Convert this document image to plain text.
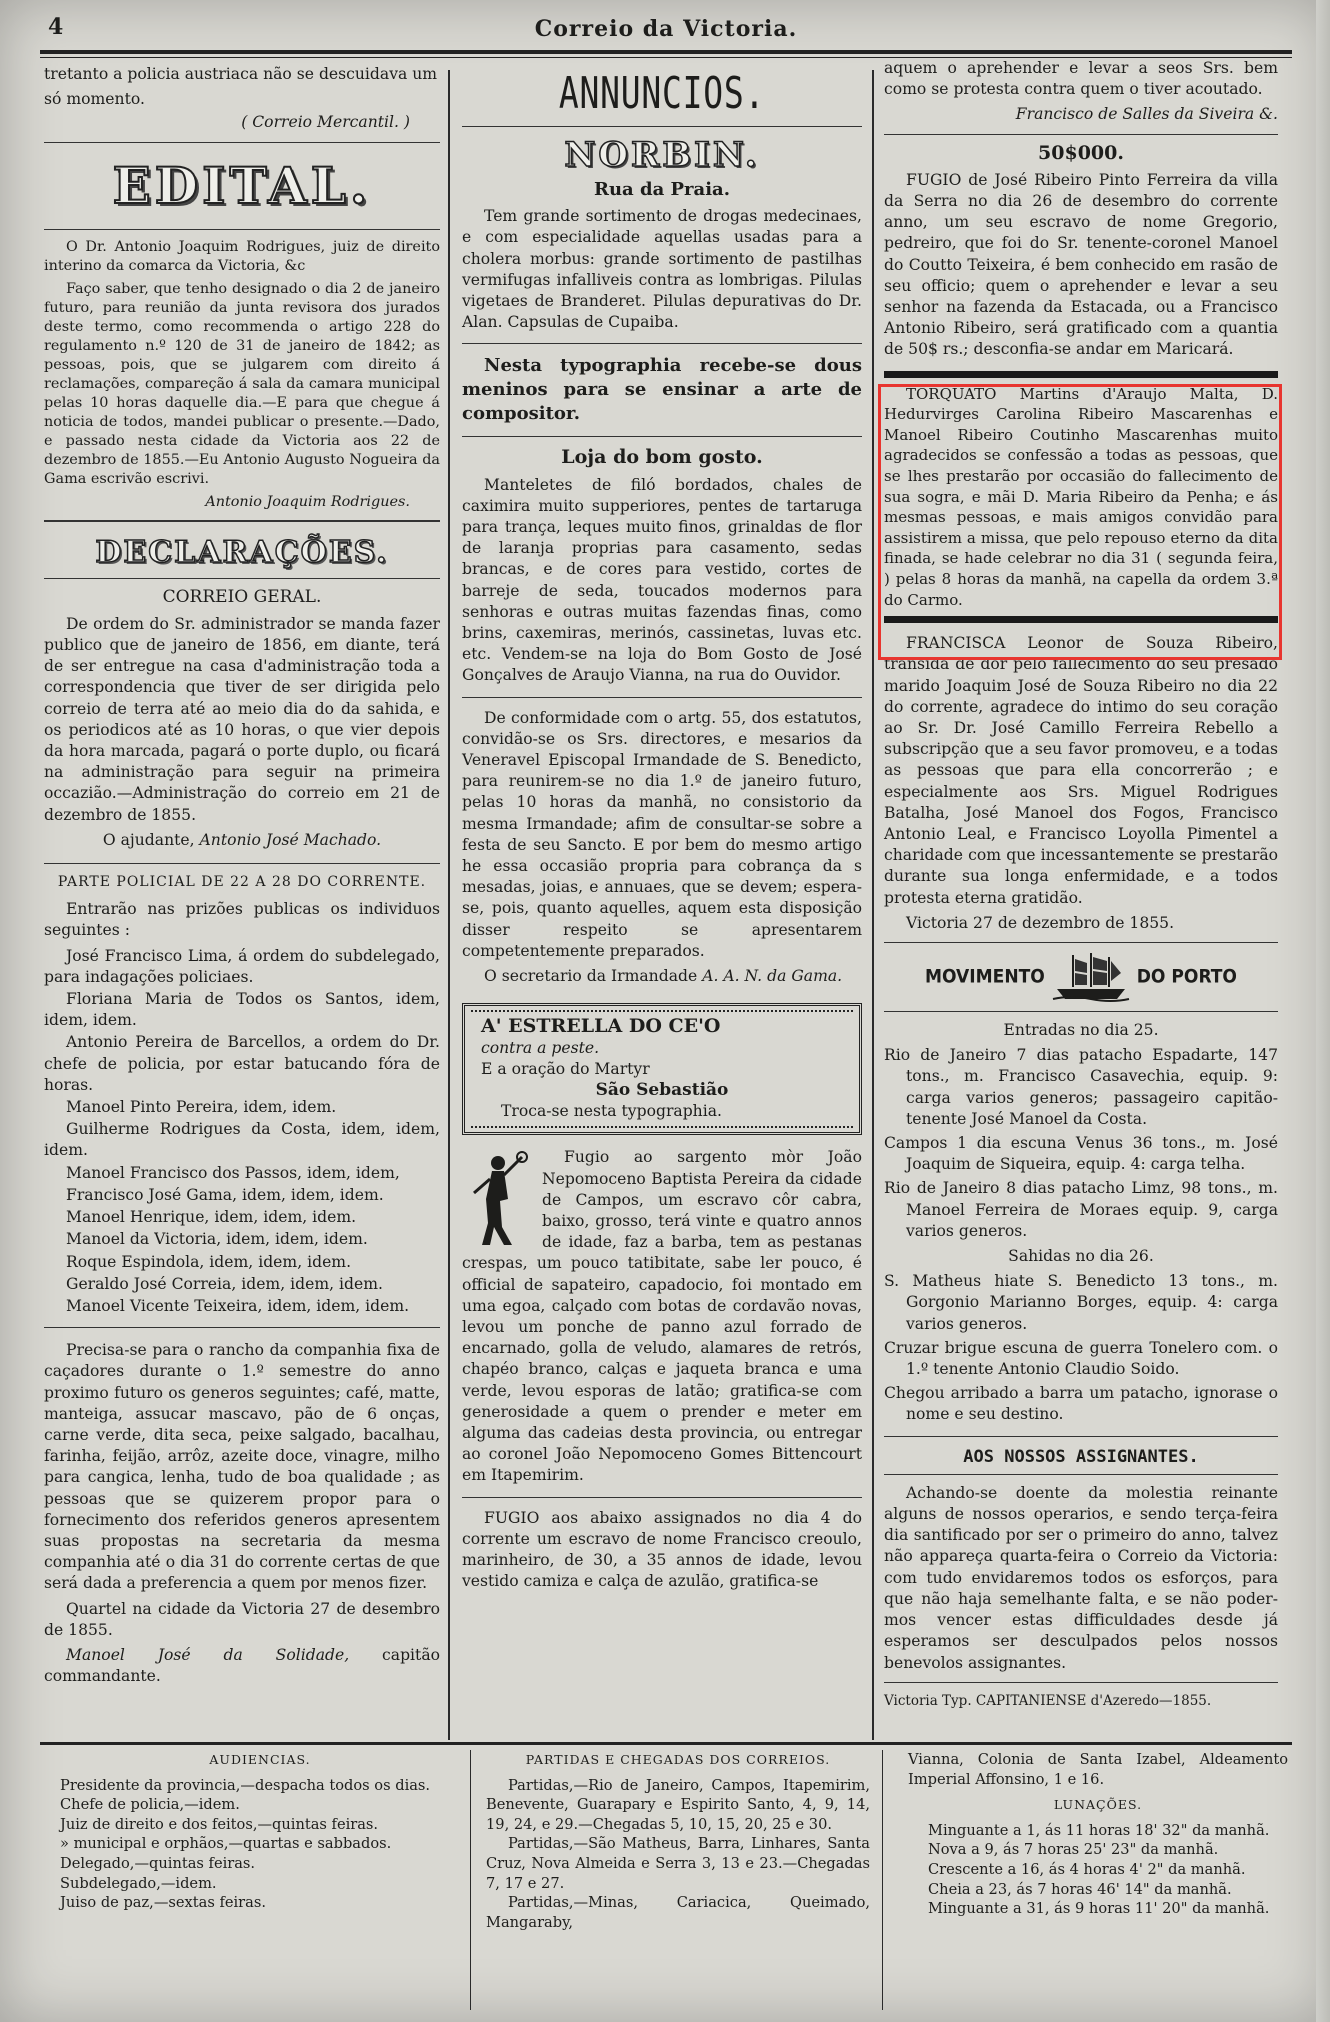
4	Correio da Victoria.

tretanto a policia austriaca não se descuidava um

só momento.

( Correio Mercantil. )
EDITAL.

O Dr. Antonio Joaquim Rodrigues, juiz de direito interino da comarca da Victoria, &c

Faço saber, que tenho designado o dia 2 de janeiro futuro, para reunião da junta revisora dos jurados deste termo, como recommenda o artigo 228 do regulamento n.º 120 de 31 de janeiro de 1842; as pessoas, pois, que se julgarem com direito á reclamações, compareção á sala da camara municipal pelas 10 horas daquelle dia.—E para que chegue á noticia de todos, mandei publicar o presente.—Dado, e passado nesta cidade da Victoria aos 22 de dezembro de 1855.—Eu Antonio Augusto Nogueira da Gama escrivão escrivi.

Antonio Joaquim Rodrigues.
DECLARAÇÕES.
CORREIO GERAL.

De ordem do Sr. administrador se manda fazer publico que de janeiro de 1856, em diante, terá de ser entregue na casa d'administração toda a correspondencia que tiver de ser dirigida pelo correio de terra até ao meio dia do da sahida, e os periodicos até as 10 horas, o que vier depois da hora marcada, pagará o porte duplo, ou ficará na administração para seguir na primeira occazião.—Administração do correio em 21 de dezembro de 1855.

O ajudante, Antonio José Machado.
PARTE POLICIAL DE 22 A 28 DO CORRENTE.

Entrarão nas prizões publicas os individuos seguintes :

José Francisco Lima, á ordem do subdelegado, para indagações policiaes.
Floriana Maria de Todos os Santos, idem, idem, idem.
Antonio Pereira de Barcellos, a ordem do Dr. chefe de policia, por estar batucando fóra de horas.
Manoel Pinto Pereira, idem, idem.
Guilherme Rodrigues da Costa, idem, idem, idem.
Manoel Francisco dos Passos, idem, idem,
Francisco José Gama, idem, idem, idem.
Manoel Henrique, idem, idem, idem.
Manoel da Victoria, idem, idem, idem.
Roque Espindola, idem, idem, idem.
Geraldo José Correia, idem, idem, idem.
Manoel Vicente Teixeira, idem, idem, idem.

Precisa-se para o rancho da companhia fixa de caçadores durante o 1.º semestre do anno proximo futuro os generos seguintes; café, matte, manteiga, assucar mascavo, pão de 6 onças, carne verde, dita seca, peixe salgado, bacalhau, farinha, feijão, arrôz, azeite doce, vinagre, milho para cangica, lenha, tudo de boa qualidade ; as pessoas que se quizerem propor para o fornecimento dos referidos generos apresentem suas propostas na secretaria da mesma companhia até o dia 31 do corrente certas de que será dada a preferencia a quem por menos fizer.

Quartel na cidade da Victoria 27 de desembro de 1855.

Manoel José da Solidade, capitão commandante.

ANNUNCIOS.
NORBIN.
Rua da Praia.

Tem grande sortimento de drogas medecinaes, e com especialidade aquellas usadas para a cholera morbus: grande sortimento de pastilhas vermifugas infalliveis contra as lombrigas. Pilulas vigetaes de Branderet. Pilulas depurativas do Dr. Alan. Capsulas de Cupaiba.

Nesta typographia recebe-se dous meninos para se ensinar a arte de compositor.
Loja do bom gosto.

Manteletes de filó bordados, chales de caximira muito supperiores, pentes de tartaruga para trança, leques muito finos, grinaldas de flor de laranja proprias para casamento, sedas brancas, e de cores para vestido, cortes de barreje de seda, toucados modernos para senhoras e outras muitas fazendas finas, como brins, caxemiras, merinós, cassinetas, luvas etc. etc. Vendem-se na loja do Bom Gosto de José Gonçalves de Araujo Vianna, na rua do Ouvidor.

De conformidade com o artg. 55, dos estatutos, convidão-se os Srs. directores, e mesarios da Veneravel Episcopal Irmandade de S. Benedicto, para reunirem-se no dia 1.º de janeiro futuro, pelas 10 horas da manhã, no consistorio da mesma Irmandade; afim de consultar-se sobre a festa de seu Sancto. E por bem do mesmo artigo he essa occasião propria para cobrança da s mesadas, joias, e annuaes, que se devem; espera-se, pois, quanto aquelles, aquem esta disposição disser respeito se apresentarem competentemente preparados.

O secretario da Irmandade A. A. N. da Gama.

A' ESTRELLA DO CE'O
contra a peste.
E a oração do Martyr
São Sebastião
Troca-se nesta typographia.

Fugio ao sargento mòr João Nepomoceno Baptista Pereira da cidade de Campos, um escravo côr cabra, baixo, grosso, terá vinte e quatro annos de idade, faz a barba, tem as pestanas crespas, um pouco tatibitate, sabe ler pouco, é official de sapateiro, capadocio, foi montado em uma egoa, calçado com botas de cordavão novas, levou um ponche de panno azul forrado de encarnado, golla de veludo, alamares de retrós, chapéo branco, calças e jaqueta branca e uma verde, levou esporas de latão; gratifica-se com generosidade a quem o prender e meter em alguma das cadeias desta provincia, ou entregar ao coronel João Nepomoceno Gomes Bittencourt em Itapemirim.

FUGIO aos abaixo assignados no dia 4 do corrente um escravo de nome Francisco creoulo, marinheiro, de 30, a 35 annos de idade, levou vestido camiza e calça de azulão, gratifica-se

aquem o aprehender e levar a seos Srs. bem como se protesta contra quem o tiver acoutado.

Francisco de Salles da Siveira &.
50$000.

FUGIO de José Ribeiro Pinto Ferreira da villa da Serra no dia 26 de desembro do corrente anno, um seu escravo de nome Gregorio, pedreiro, que foi do Sr. tenente-coronel Manoel do Coutto Teixeira, é bem conhecido em rasão de seu officio; quem o aprehender e levar a seu senhor na fazenda da Estacada, ou a Francisco Antonio Ribeiro, será gratificado com a quantia de 50$ rs.; desconfia-se andar em Maricará.

TORQUATO Martins d'Araujo Malta, D. Hedurvirges Carolina Ribeiro Mascarenhas e Manoel Ribeiro Coutinho Mascarenhas muito agradecidos se confessão a todas as pessoas, que se lhes prestarão por occasião do fallecimento de sua sogra, e mãi D. Maria Ribeiro da Penha; e ás mesmas pessoas, e mais amigos convidão para assistirem a missa, que pelo repouso eterno da dita finada, se hade celebrar no dia 31 ( segunda feira, ) pelas 8 horas da manhã, na capella da ordem 3.ª do Carmo.

FRANCISCA Leonor de Souza Ribeiro, transida de dor pelo fallecimento do seu presado marido Joaquim José de Souza Ribeiro no dia 22 do corrente, agradece do intimo do seu coração ao Sr. Dr. José Camillo Ferreira Rebello a subscripção que a seu favor promoveu, e a todas as pessoas que para ella concorrerão ; e especialmente aos Srs. Miguel Rodrigues Batalha, José Manoel dos Fogos, Francisco Antonio Leal, e Francisco Loyolla Pimentel a charidade com que incessantemente se prestarão durante sua longa enfermidade, e a todos protesta eterna gratidão.

Victoria 27 de dezembro de 1855.

MOVIMENTO	DO PORTO
Entradas no dia 25.
Rio de Janeiro 7 dias patacho Espadarte, 147 tons., m. Francisco Casavechia, equip. 9: carga varios generos; passageiro capitão-tenente José Manoel da Costa.
Campos 1 dia escuna Venus 36 tons., m. José Joaquim de Siqueira, equip. 4: carga telha.
Rio de Janeiro 8 dias patacho Limz, 98 tons., m. Manoel Ferreira de Moraes equip. 9, carga varios generos.
Sahidas no dia 26.
S. Matheus hiate S. Benedicto 13 tons., m. Gorgonio Marianno Borges, equip. 4: carga varios generos.
Cruzar brigue escuna de guerra Tonelero com. o 1.º tenente Antonio Claudio Soido.
Chegou arribado a barra um patacho, ignorase o nome e seu destino.
AOS NOSSOS ASSIGNANTES.

Achando-se doente da molestia reinante alguns de nossos operarios, e sendo terça-feira dia santificado por ser o primeiro do anno, talvez não appareça quarta-feira o Correio da Victoria: com tudo envidaremos todos os esforços, para que não haja semelhante falta, e se não poder-mos vencer estas difficuldades desde já esperamos ser desculpados pelos nossos benevolos assignantes.

Victoria Typ. CAPITANIENSE d'Azeredo—1855.
AUDIENCIAS.
Presidente da provincia,—despacha todos os dias.
Chefe de policia,—idem.
Juiz de direito e dos feitos,—quintas feiras.
» municipal e orphãos,—quartas e sabbados.
Delegado,—quintas feiras.
Subdelegado,—idem.
Juiso de paz,—sextas feiras.
PARTIDAS E CHEGADAS DOS CORREIOS.
Partidas,—Rio de Janeiro, Campos, Itapemirim, Benevente, Guarapary e Espirito Santo, 4, 9, 14, 19, 24, e 29.—Chegadas 5, 10, 15, 20, 25 e 30.
Partidas,—São Matheus, Barra, Linhares, Santa Cruz, Nova Almeida e Serra 3, 13 e 23.—Chegadas 7, 17 e 27.
Partidas,—Minas, Cariacica, Queimado, Mangaraby,
Vianna, Colonia de Santa Izabel, Aldeamento Imperial Affonsino, 1 e 16.
LUNAÇÕES.
Minguante a 1, ás 11 horas 18' 32" da manhã.
Nova a 9, ás 7 horas 25' 23" da manhã.
Crescente a 16, ás 4 horas 4' 2" da manhã.
Cheia a 23, ás 7 horas 46' 14" da manhã.
Minguante a 31, ás 9 horas 11' 20" da manhã.
